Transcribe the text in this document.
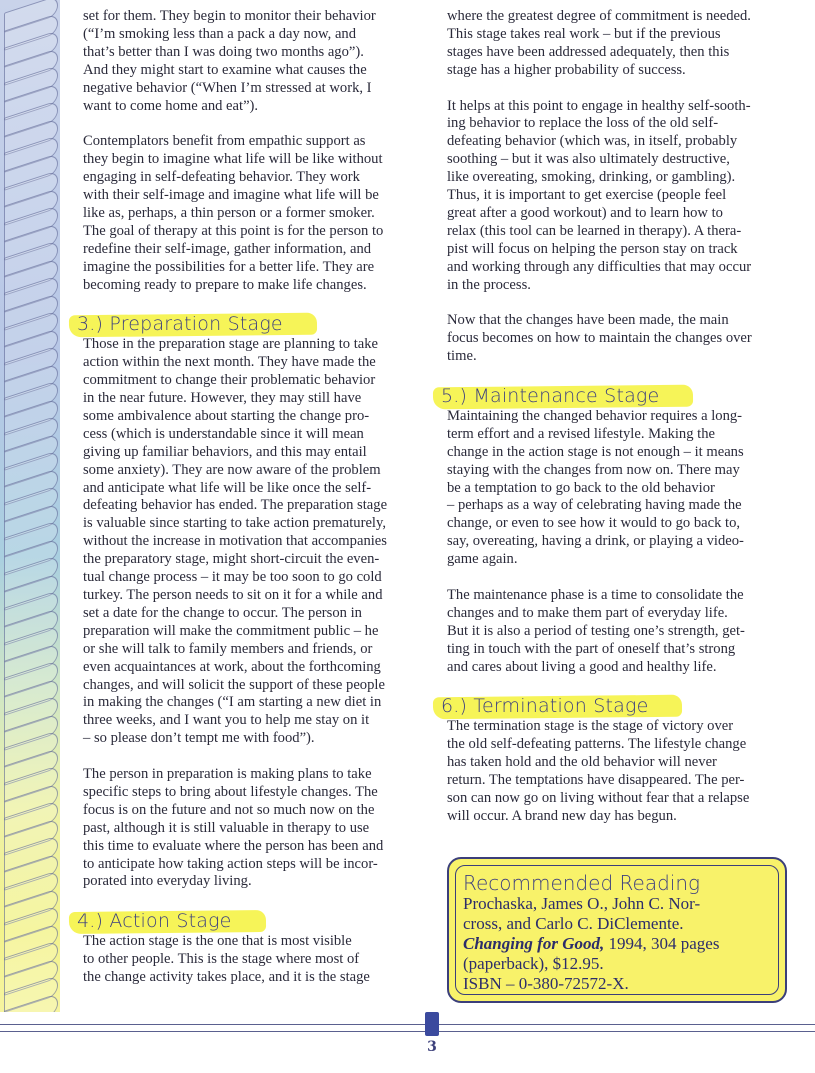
set for them. They begin to monitor their behavior
(“I’m smoking less than a pack a day now, and
that’s better than I was doing two months ago”).
And they might start to examine what causes the
negative behavior (“When I’m stressed at work, I
want to come home and eat”).

Contemplators benefit from empathic support as
they begin to imagine what life will be like without
engaging in self-defeating behavior. They work
with their self-image and imagine what life will be
like as, perhaps, a thin person or a former smoker.
The goal of therapy at this point is for the person to
redefine their self-image, gather information, and
imagine the possibilities for a better life. They are
becoming ready to prepare to make life changes.

3.) Preparation Stage

Those in the preparation stage are planning to take
action within the next month. They have made the
commitment to change their problematic behavior
in the near future. However, they may still have
some ambivalence about starting the change pro-
cess (which is understandable since it will mean
giving up familiar behaviors, and this may entail
some anxiety). They are now aware of the problem
and anticipate what life will be like once the self-
defeating behavior has ended. The preparation stage
is valuable since starting to take action prematurely,
without the increase in motivation that accompanies
the preparatory stage, might short-circuit the even-
tual change process – it may be too soon to go cold
turkey. The person needs to sit on it for a while and
set a date for the change to occur. The person in
preparation will make the commitment public – he
or she will talk to family members and friends, or
even acquaintances at work, about the forthcoming
changes, and will solicit the support of these people
in making the changes (“I am starting a new diet in
three weeks, and I want you to help me stay on it
– so please don’t tempt me with food”).

The person in preparation is making plans to take
specific steps to bring about lifestyle changes. The
focus is on the future and not so much now on the
past, although it is still valuable in therapy to use
this time to evaluate where the person has been and
to anticipate how taking action steps will be incor-
porated into everyday living.

4.) Action Stage

The action stage is the one that is most visible
to other people. This is the stage where most of
the change activity takes place, and it is the stage

where the greatest degree of commitment is needed.
This stage takes real work – but if the previous
stages have been addressed adequately, then this
stage has a higher probability of success.

It helps at this point to engage in healthy self-sooth-
ing behavior to replace the loss of the old self-
defeating behavior (which was, in itself, probably
soothing – but it was also ultimately destructive,
like overeating, smoking, drinking, or gambling).
Thus, it is important to get exercise (people feel
great after a good workout) and to learn how to
relax (this tool can be learned in therapy). A thera-
pist will focus on helping the person stay on track
and working through any difficulties that may occur
in the process.

Now that the changes have been made, the main
focus becomes on how to maintain the changes over
time.

5.) Maintenance Stage

Maintaining the changed behavior requires a long-
term effort and a revised lifestyle. Making the
change in the action stage is not enough – it means
staying with the changes from now on. There may
be a temptation to go back to the old behavior
– perhaps as a way of celebrating having made the
change, or even to see how it would to go back to,
say, overeating, having a drink, or playing a video-
game again.

The maintenance phase is a time to consolidate the
changes and to make them part of everyday life.
But it is also a period of testing one’s strength, get-
ting in touch with the part of oneself that’s strong
and cares about living a good and healthy life.

6.) Termination Stage

The termination stage is the stage of victory over
the old self-defeating patterns. The lifestyle change
has taken hold and the old behavior will never
return. The temptations have disappeared. The per-
son can now go on living without fear that a relapse
will occur. A brand new day has begun.

Recommended Reading
Prochaska, James O., John C. Nor-
cross, and Carlo C. DiClemente.
Changing for Good, 1994, 304 pages
(paperback), $12.95.
ISBN – 0-380-72572-X.
3
